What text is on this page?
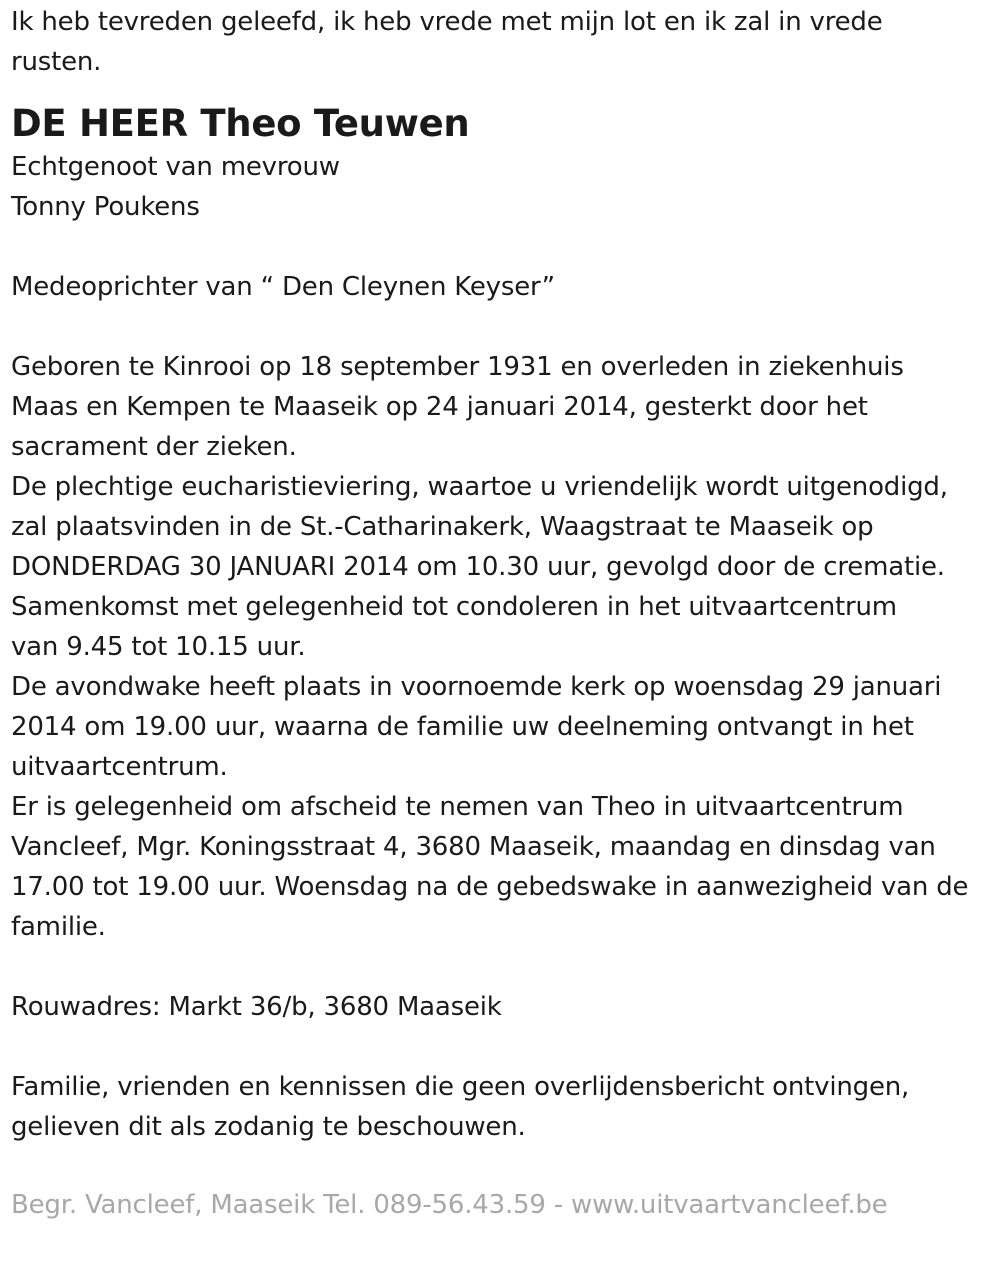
Ik heb tevreden geleefd, ik heb vrede met mijn lot en ik zal in vrede
rusten.
DE HEER Theo Teuwen
Echtgenoot van mevrouw
Tonny Poukens
Medeoprichter van “ Den Cleynen Keyser”
Geboren te Kinrooi op 18 september 1931 en overleden in ziekenhuis
Maas en Kempen te Maaseik op 24 januari 2014, gesterkt door het
sacrament der zieken.
De plechtige eucharistieviering, waartoe u vriendelijk wordt uitgenodigd,
zal plaatsvinden in de St.-Catharinakerk, Waagstraat te Maaseik op
DONDERDAG 30 JANUARI 2014 om 10.30 uur, gevolgd door de crematie.
Samenkomst met gelegenheid tot condoleren in het uitvaartcentrum
van 9.45 tot 10.15 uur.
De avondwake heeft plaats in voornoemde kerk op woensdag 29 januari
2014 om 19.00 uur, waarna de familie uw deelneming ontvangt in het
uitvaartcentrum.
Er is gelegenheid om afscheid te nemen van Theo in uitvaartcentrum
Vancleef, Mgr. Koningsstraat 4, 3680 Maaseik, maandag en dinsdag van
17.00 tot 19.00 uur. Woensdag na de gebedswake in aanwezigheid van de
familie.
Rouwadres: Markt 36/b, 3680 Maaseik
Familie, vrienden en kennissen die geen overlijdensbericht ontvingen,
gelieven dit als zodanig te beschouwen.
Begr. Vancleef, Maaseik Tel. 089-56.43.59 - www.uitvaartvancleef.be
